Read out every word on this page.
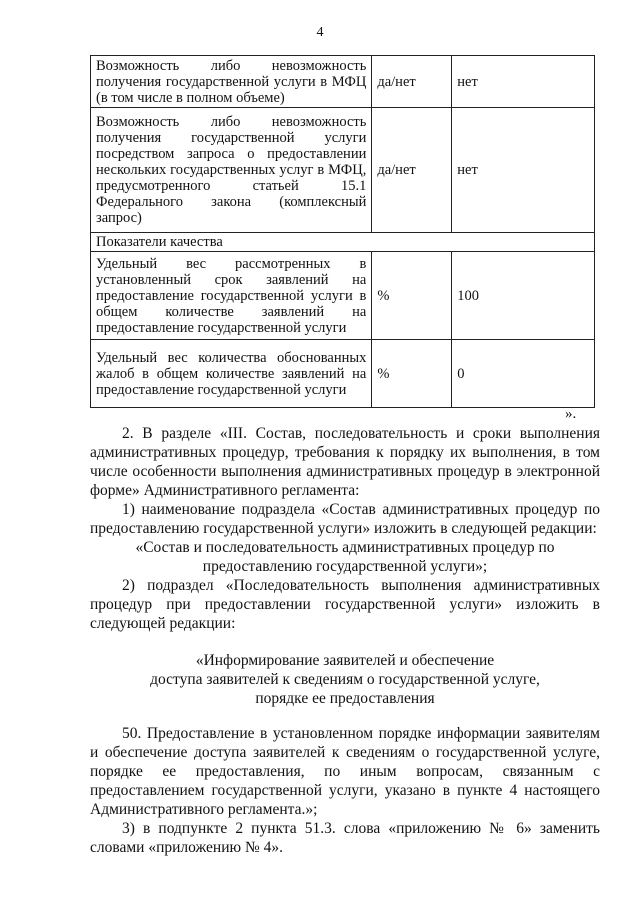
4
Возможность либо невозможность получения государственной услуги в МФЦ (в том числе в полном объеме)	да/нет	нет
Возможность либо невозможность получения государственной услуги посредством запроса о предоставлении нескольких государственных услуг в МФЦ, предусмотренного статьей 15.1 Федерального закона (комплексный запрос)	да/нет	нет
Показатели качества		
Удельный вес рассмотренных в установленный срок заявлений на предоставление государственной услуги в общем количестве заявлений на предоставление государственной услуги	%	100
Удельный вес количества обоснованных жалоб в общем количестве заявлений на предоставление государственной услуги	%	0
».

2. В разделе «III. Состав, последовательность и сроки выполнения административных процедур, требования к порядку их выполнения, в том числе особенности выполнения административных процедур в электронной форме» Административного регламента:

1) наименование подраздела «Состав административных процедур по предоставлению государственной услуги» изложить в следующей редакции:

«Состав и последовательность административных процедур по

предоставлению государственной услуги»;

2) подраздел «Последовательность выполнения административных процедур при предоставлении государственной услуги» изложить в следующей редакции:

«Информирование заявителей и обеспечение

доступа заявителей к сведениям о государственной услуге,

порядке ее предоставления

50. Предоставление в установленном порядке информации заявителям и обеспечение доступа заявителей к сведениям о государственной услуге, порядке ее предоставления, по иным вопросам, связанным с предоставлением государственной услуги, указано в пункте 4 настоящего Административного регламента.»;

3) в подпункте 2 пункта 51.3. слова «приложению № 6» заменить словами «приложению № 4».
